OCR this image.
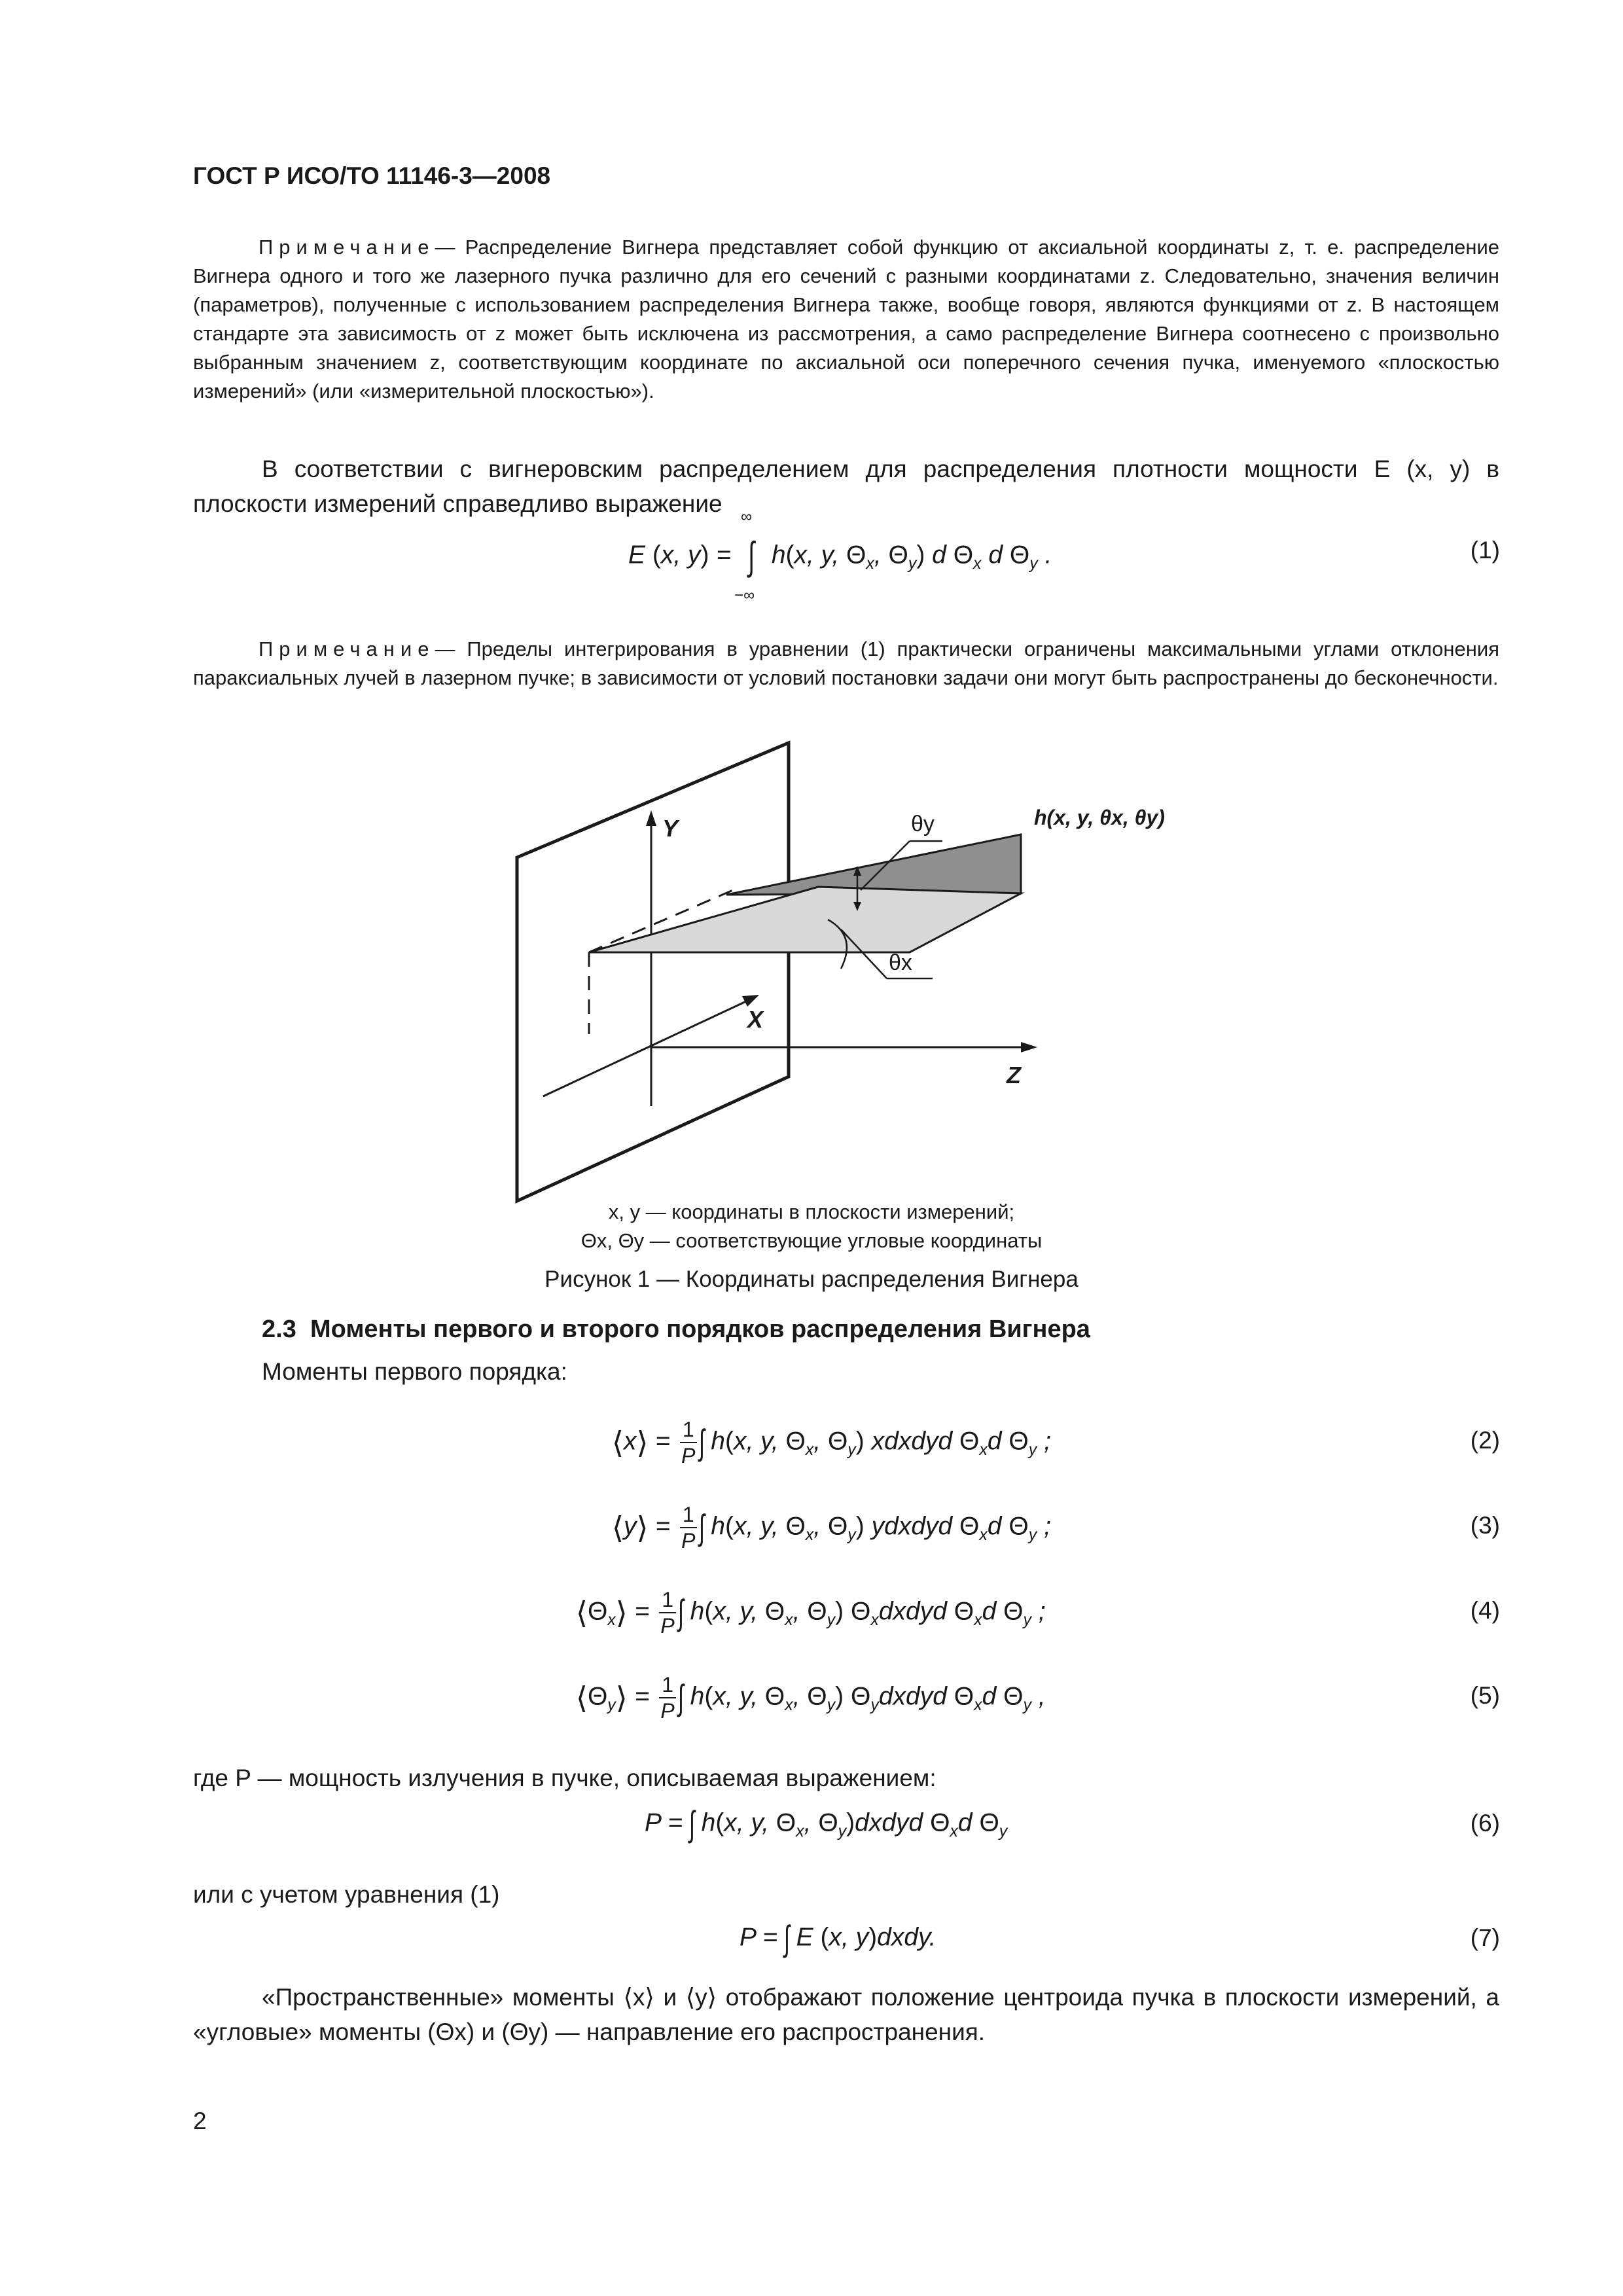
ГОСТ Р ИСО/ТО 11146-3—2008
Примечание— Распределение Вигнера представляет собой функцию от аксиальной координаты z, т. е. распределение Вигнера одного и того же лазерного пучка различно для его сечений с разными координатами z. Следовательно, значения величин (параметров), полученные с использованием распределения Вигнера также, вообще говоря, являются функциями от z. В настоящем стандарте эта зависимость от z может быть исключена из рассмотрения, а само распределение Вигнера соотнесено с произвольно выбранным значением z, соответствующим координате по аксиальной оси поперечного сечения пучка, именуемого «плоскостью измерений» (или «измерительной плоскостью»).
В соответствии с вигнеровским распределением для распределения плотности мощности E (x, y) в плоскости измерений справедливо выражение
E (x, y) =
∞
∫
−∞
h(x, y, $\Theta_x$, $\Theta_y$) d $\Theta_x$ d $\Theta_y$ .	(1)
Примечание— Пределы интегрирования в уравнении (1) практически ограничены максимальными углами отклонения параксиальных лучей в лазерном пучке; в зависимости от условий постановки задачи они могут быть распространены до бесконечности.
Y
X
Z
θy
θx
h(x, y, θx, θy)
x, y — координаты в плоскости измерений;
Θx, Θy — соответствующие угловые координаты
Рисунок 1 — Координаты распределения Вигнера
2.3 Моменты первого и второго порядков распределения Вигнера
Моменты первого порядка:
⟨x⟩ = $\frac{1}{P}$ ∫ h(x, y, $\Theta_x$, $\Theta_y$) xdxdyd $\Theta_xd$ $\Theta_y$ ;	(2)
⟨y⟩ = $\frac{1}{P}$ ∫ h(x, y, $\Theta_x$, $\Theta_y$) ydxdyd $\Theta_xd$ $\Theta_y$ ;	(3)
$⟨\Theta_x⟩ = \frac{1}{P}$ ∫ h(x, y, $\Theta_x$, $\Theta_y$) $\Theta_xdxdyd$ $\Theta_xd$ $\Theta_y$ ;	(4)
$⟨\Theta_y⟩ = \frac{1}{P}$ ∫ h(x, y, $\Theta_x$, $\Theta_y$) $\Theta_ydxdyd$ $\Theta_xd$ $\Theta_y$ ,	(5)
где P — мощность излучения в пучке, описываемая выражением:
P = ∫ h(x, y, $\Theta_x$, $\Theta_y)dxdyd$ $\Theta_xd$ $\Theta_y$	(6)
или с учетом уравнения (1)
P = ∫ E (x, y)dxdy.	(7)
«Пространственные» моменты ⟨x⟩ и ⟨y⟩ отображают положение центроида пучка в плоскости измерений, а «угловые» моменты (Θx) и (Θy) — направление его распространения.
2
